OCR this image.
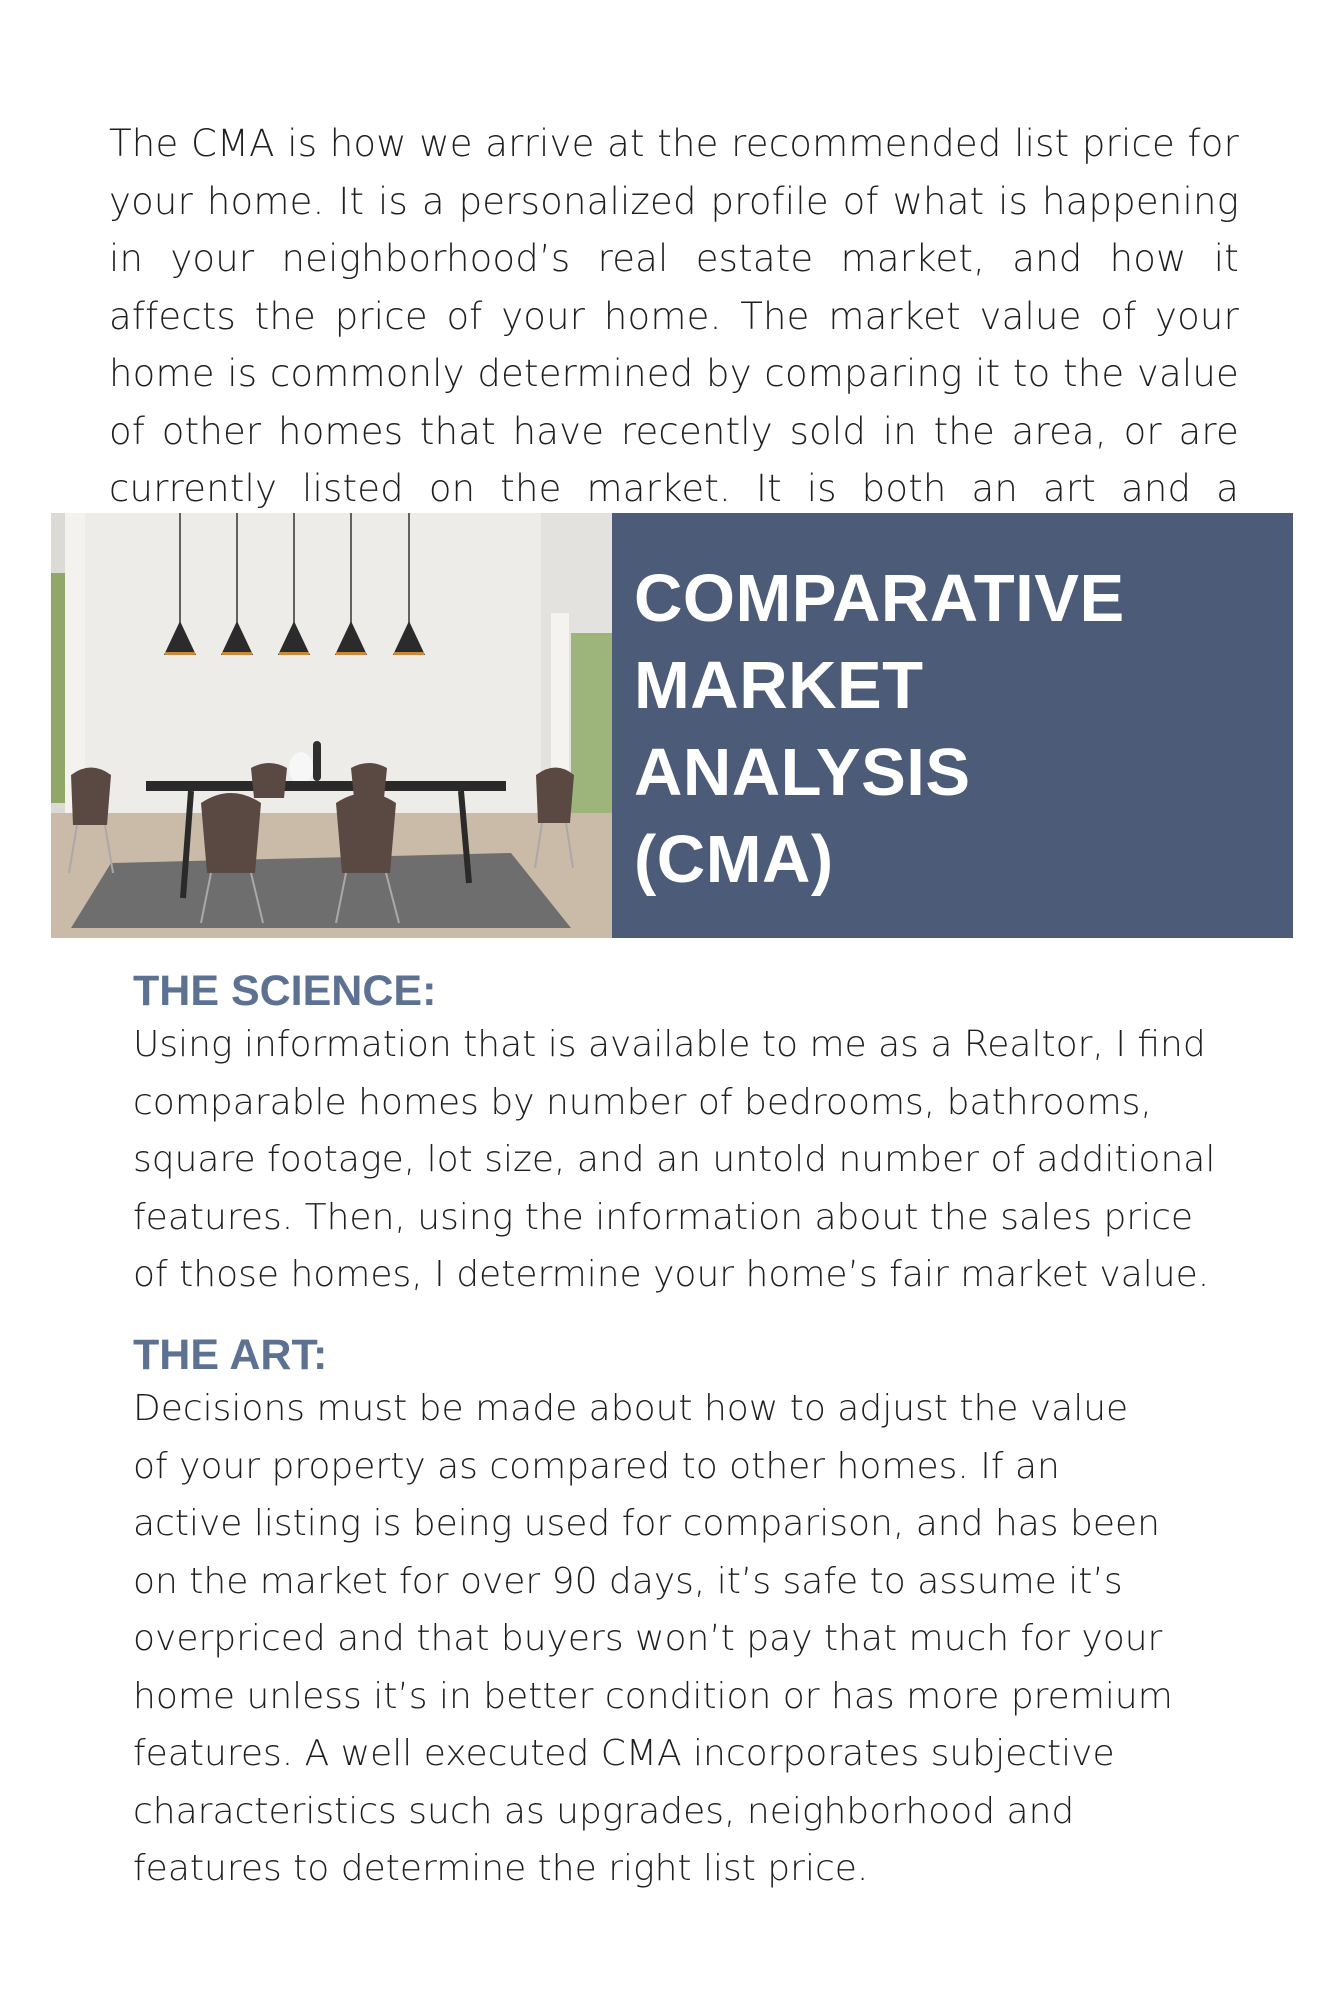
The CMA is how we arrive at the recommended list price for your home. It is a personalized profile of what is happening in your neighborhood’s real estate market, and how it affects the price of your home. The market value of your home is commonly determined by comparing it to the value of other homes that have recently sold in the area, or are currently listed on the market. It is both an art and a

COMPARATIVE
MARKET
ANALYSIS
(CMA)
THE SCIENCE:
Using information that is available to me as a Realtor, I find
comparable homes by number of bedrooms, bathrooms,
square footage, lot size, and an untold number of additional
features. Then, using the information about the sales price
of those homes, I determine your home’s fair market value.
THE ART:
Decisions must be made about how to adjust the value
of your property as compared to other homes. If an
active listing is being used for comparison, and has been
on the market for over 90 days, it’s safe to assume it’s
overpriced and that buyers won’t pay that much for your
home unless it’s in better condition or has more premium
features. A well executed CMA incorporates subjective
characteristics such as upgrades, neighborhood and
features to determine the right list price.
